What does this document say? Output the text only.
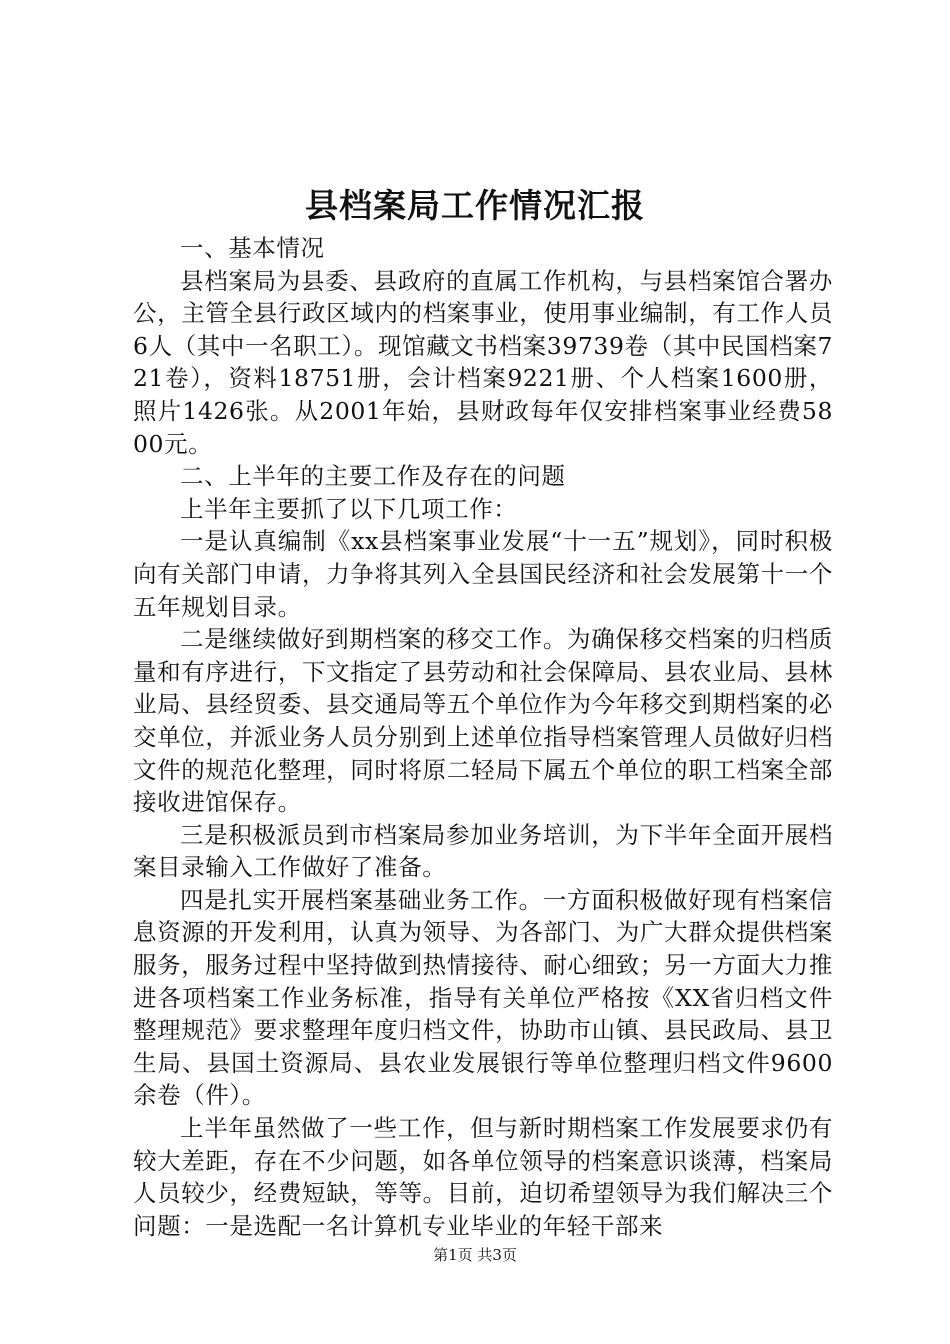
县档案局工作情况汇报

一、基本情况

县档案局为县委、县政府的直属工作机构，与县档案馆合署办公，主管全县行政区域内的档案事业，使用事业编制，有工作人员6人（其中一名职工）。现馆藏文书档案39739卷（其中民国档案721卷），资料18751册，会计档案9221册、个人档案1600册，照片1426张。从2001年始，县财政每年仅安排档案事业经费5800元。

二、上半年的主要工作及存在的问题

上半年主要抓了以下几项工作：

一是认真编制《xx县档案事业发展“十一五”规划》，同时积极向有关部门申请，力争将其列入全县国民经济和社会发展第十一个五年规划目录。

二是继续做好到期档案的移交工作。为确保移交档案的归档质量和有序进行，下文指定了县劳动和社会保障局、县农业局、县林业局、县经贸委、县交通局等五个单位作为今年移交到期档案的必交单位，并派业务人员分别到上述单位指导档案管理人员做好归档文件的规范化整理，同时将原二轻局下属五个单位的职工档案全部接收进馆保存。

三是积极派员到市档案局参加业务培训，为下半年全面开展档案目录输入工作做好了准备。

四是扎实开展档案基础业务工作。一方面积极做好现有档案信息资源的开发利用，认真为领导、为各部门、为广大群众提供档案服务，服务过程中坚持做到热情接待、耐心细致；另一方面大力推进各项档案工作业务标准，指导有关单位严格按《XX省归档文件整理规范》要求整理年度归档文件，协助市山镇、县民政局、县卫生局、县国土资源局、县农业发展银行等单位整理归档文件9600余卷（件）。

上半年虽然做了一些工作，但与新时期档案工作发展要求仍有较大差距，存在不少问题，如各单位领导的档案意识谈薄，档案局人员较少，经费短缺，等等。目前，迫切希望领导为我们解决三个问题：一是选配一名计算机专业毕业的年轻干部来

第1页 共3页
